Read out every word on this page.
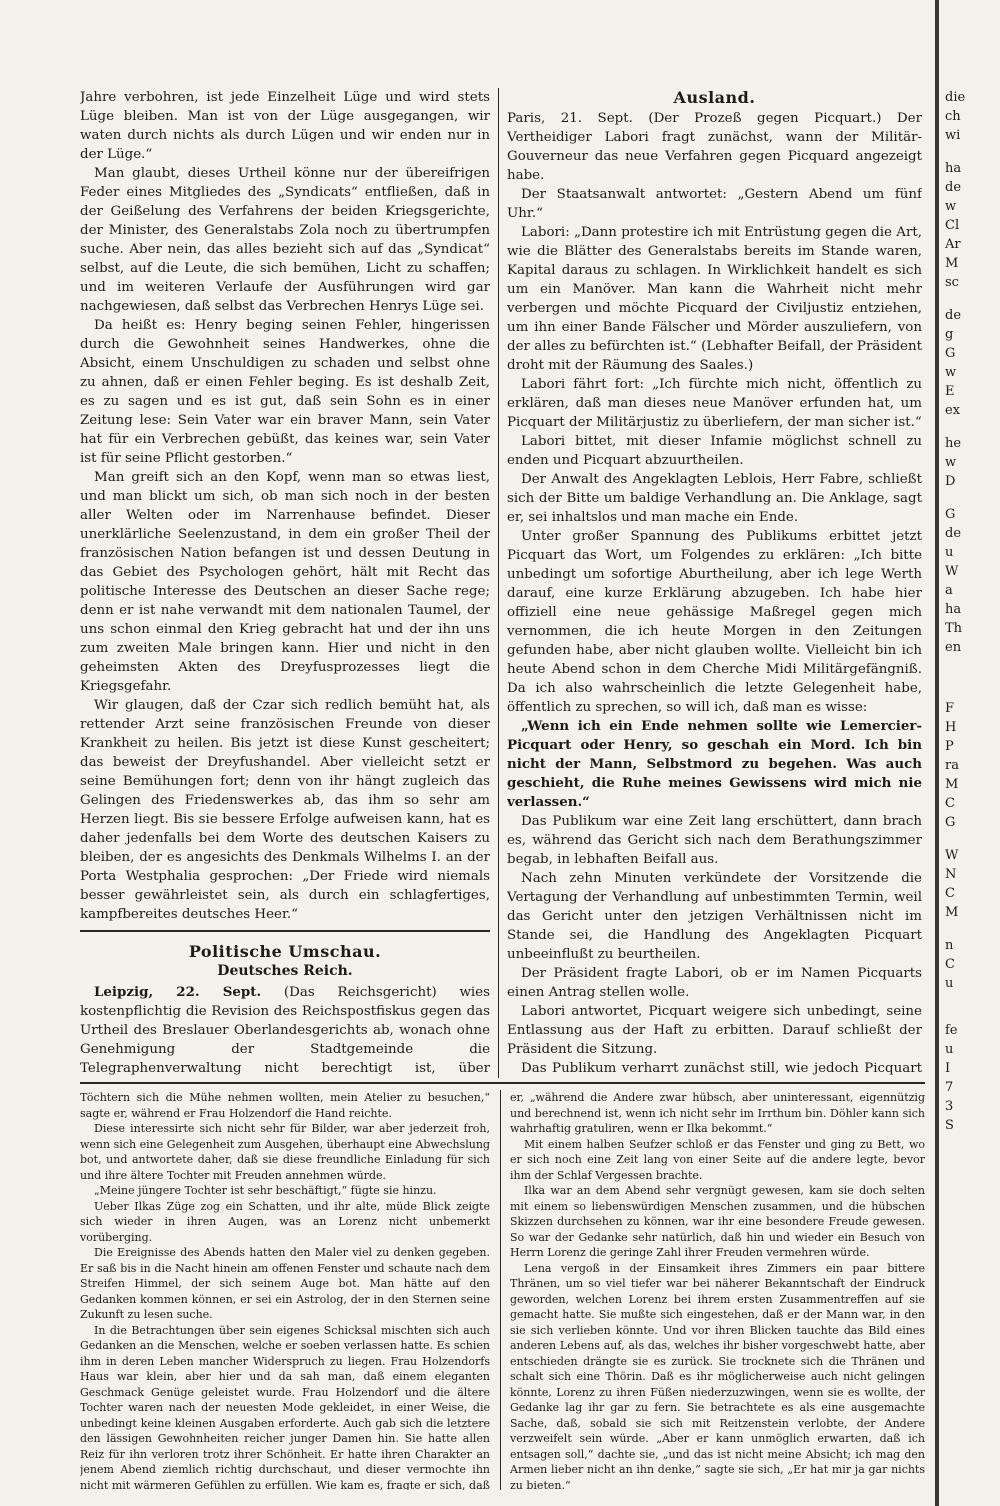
Jahre verbohren, ist jede Einzelheit Lüge und wird stets Lüge bleiben. Man ist von der Lüge ausgegangen, wir waten durch nichts als durch Lügen und wir enden nur in der Lüge.“

Man glaubt, dieses Urtheil könne nur der übereifrigen Feder eines Mitgliedes des „Syndicats“ entfließen, daß in der Geißelung des Verfahrens der beiden Kriegsgerichte, der Minister, des Generalstabs Zola noch zu übertrumpfen suche. Aber nein, das alles bezieht sich auf das „Syndicat“ selbst, auf die Leute, die sich bemühen, Licht zu schaffen; und im weiteren Verlaufe der Ausführungen wird gar nachgewiesen, daß selbst das Verbrechen Henrys Lüge sei.

Da heißt es: Henry beging seinen Fehler, hingerissen durch die Gewohnheit seines Handwerkes, ohne die Absicht, einem Unschuldigen zu schaden und selbst ohne zu ahnen, daß er einen Fehler beging. Es ist deshalb Zeit, es zu sagen und es ist gut, daß sein Sohn es in einer Zeitung lese: Sein Vater war ein braver Mann, sein Vater hat für ein Verbrechen gebüßt, das keines war, sein Vater ist für seine Pflicht gestorben.“

Man greift sich an den Kopf, wenn man so etwas liest, und man blickt um sich, ob man sich noch in der besten aller Welten oder im Narrenhause befindet. Dieser unerklärliche Seelenzustand, in dem ein großer Theil der französischen Nation befangen ist und dessen Deutung in das Gebiet des Psychologen gehört, hält mit Recht das politische Interesse des Deutschen an dieser Sache rege; denn er ist nahe verwandt mit dem nationalen Taumel, der uns schon einmal den Krieg gebracht hat und der ihn uns zum zweiten Male bringen kann. Hier und nicht in den geheimsten Akten des Dreyfusprozesses liegt die Kriegsgefahr.

Wir glaugen, daß der Czar sich redlich bemüht hat, als rettender Arzt seine französischen Freunde von dieser Krankheit zu heilen. Bis jetzt ist diese Kunst gescheitert; das beweist der Dreyfushandel. Aber vielleicht setzt er seine Bemühungen fort; denn von ihr hängt zugleich das Gelingen des Friedenswerkes ab, das ihm so sehr am Herzen liegt. Bis sie bessere Erfolge aufweisen kann, hat es daher jedenfalls bei dem Worte des deutschen Kaisers zu bleiben, der es angesichts des Denkmals Wilhelms I. an der Porta Westphalia gesprochen: „Der Friede wird niemals besser gewährleistet sein, als durch ein schlagfertiges, kampfbereites deutsches Heer.“

Politische Umschau.
Deutsches Reich.

Leipzig, 22. Sept. (Das Reichsgericht) wies kostenpflichtig die Revision des Reichspostfiskus gegen das Urtheil des Breslauer Oberlandesgerichts ab, wonach ohne Genehmigung der Stadtgemeinde die Telegraphenverwaltung nicht berechtigt ist, über

Ausland.

Paris, 21. Sept. (Der Prozeß gegen Picquart.) Der Vertheidiger Labori fragt zunächst, wann der Militär-Gouverneur das neue Verfahren gegen Picquard angezeigt habe.

Der Staatsanwalt antwortet: „Gestern Abend um fünf Uhr.“

Labori: „Dann protestire ich mit Entrüstung gegen die Art, wie die Blätter des Generalstabs bereits im Stande waren, Kapital daraus zu schlagen. In Wirklichkeit handelt es sich um ein Manöver. Man kann die Wahrheit nicht mehr verbergen und möchte Picquard der Civiljustiz entziehen, um ihn einer Bande Fälscher und Mörder auszuliefern, von der alles zu befürchten ist.“ (Lebhafter Beifall, der Präsident droht mit der Räumung des Saales.)

Labori fährt fort: „Ich fürchte mich nicht, öffentlich zu erklären, daß man dieses neue Manöver erfunden hat, um Picquart der Militärjustiz zu überliefern, der man sicher ist.“

Labori bittet, mit dieser Infamie möglichst schnell zu enden und Picquart abzuurtheilen.

Der Anwalt des Angeklagten Leblois, Herr Fabre, schließt sich der Bitte um baldige Verhandlung an. Die Anklage, sagt er, sei inhaltslos und man mache ein Ende.

Unter großer Spannung des Publikums erbittet jetzt Picquart das Wort, um Folgendes zu erklären: „Ich bitte unbedingt um sofortige Aburtheilung, aber ich lege Werth darauf, eine kurze Erklärung abzugeben. Ich habe hier offiziell eine neue gehässige Maßregel gegen mich vernommen, die ich heute Morgen in den Zeitungen gefunden habe, aber nicht glauben wollte. Vielleicht bin ich heute Abend schon in dem Cherche Midi Militärgefängniß. Da ich also wahrscheinlich die letzte Gelegenheit habe, öffentlich zu sprechen, so will ich, daß man es wisse:

„Wenn ich ein Ende nehmen sollte wie Lemercier-Picquart oder Henry, so geschah ein Mord. Ich bin nicht der Mann, Selbstmord zu begehen. Was auch geschieht, die Ruhe meines Gewissens wird mich nie verlassen.“

Das Publikum war eine Zeit lang erschüttert, dann brach es, während das Gericht sich nach dem Berathungszimmer begab, in lebhaften Beifall aus.

Nach zehn Minuten verkündete der Vorsitzende die Vertagung der Verhandlung auf unbestimmten Termin, weil das Gericht unter den jetzigen Verhältnissen nicht im Stande sei, die Handlung des Angeklagten Picquart unbeeinflußt zu beurtheilen.

Der Präsident fragte Labori, ob er im Namen Picquarts einen Antrag stellen wolle.

Labori antwortet, Picquart weigere sich unbedingt, seine Entlassung aus der Haft zu erbitten. Darauf schließt der Präsident die Sitzung.

Das Publikum verharrt zunächst still, wie jedoch Picquart

Töchtern sich die Mühe nehmen wollten, mein Atelier zu besuchen,“ sagte er, während er Frau Holzendorf die Hand reichte.

Diese interessirte sich nicht sehr für Bilder, war aber jederzeit froh, wenn sich eine Gelegenheit zum Ausgehen, überhaupt eine Abwechslung bot, und antwortete daher, daß sie diese freundliche Einladung für sich und ihre ältere Tochter mit Freuden annehmen würde.

„Meine jüngere Tochter ist sehr beschäftigt,“ fügte sie hinzu.

Ueber Ilkas Züge zog ein Schatten, und ihr alte, müde Blick zeigte sich wieder in ihren Augen, was an Lorenz nicht unbemerkt vorüberging.

Die Ereignisse des Abends hatten den Maler viel zu denken gegeben. Er saß bis in die Nacht hinein am offenen Fenster und schaute nach dem Streifen Himmel, der sich seinem Auge bot. Man hätte auf den Gedanken kommen können, er sei ein Astrolog, der in den Sternen seine Zukunft zu lesen suche.

In die Betrachtungen über sein eigenes Schicksal mischten sich auch Gedanken an die Menschen, welche er soeben verlassen hatte. Es schien ihm in deren Leben mancher Widerspruch zu liegen. Frau Holzendorfs Haus war klein, aber hier und da sah man, daß einem eleganten Geschmack Genüge geleistet wurde. Frau Holzendorf und die ältere Tochter waren nach der neuesten Mode gekleidet, in einer Weise, die unbedingt keine kleinen Ausgaben erforderte. Auch gab sich die letztere den lässigen Gewohnheiten reicher junger Damen hin. Sie hatte allen Reiz für ihn verloren trotz ihrer Schönheit. Er hatte ihren Charakter an jenem Abend ziemlich richtig durchschaut, und dieser vermochte ihn nicht mit wärmeren Gefühlen zu erfüllen. Wie kam es, fragte er sich, daß

er, „während die Andere zwar hübsch, aber uninteressant, eigennützig und berechnend ist, wenn ich nicht sehr im Irrthum bin. Döhler kann sich wahrhaftig gratuliren, wenn er Ilka bekommt.“

Mit einem halben Seufzer schloß er das Fenster und ging zu Bett, wo er sich noch eine Zeit lang von einer Seite auf die andere legte, bevor ihm der Schlaf Vergessen brachte.

Ilka war an dem Abend sehr vergnügt gewesen, kam sie doch selten mit einem so liebenswürdigen Menschen zusammen, und die hübschen Skizzen durchsehen zu können, war ihr eine besondere Freude gewesen. So war der Gedanke sehr natürlich, daß hin und wieder ein Besuch von Herrn Lorenz die geringe Zahl ihrer Freuden vermehren würde.

Lena vergoß in der Einsamkeit ihres Zimmers ein paar bittere Thränen, um so viel tiefer war bei näherer Bekanntschaft der Eindruck geworden, welchen Lorenz bei ihrem ersten Zusammentreffen auf sie gemacht hatte. Sie mußte sich eingestehen, daß er der Mann war, in den sie sich verlieben könnte. Und vor ihren Blicken tauchte das Bild eines anderen Lebens auf, als das, welches ihr bisher vorgeschwebt hatte, aber entschieden drängte sie es zurück. Sie trocknete sich die Thränen und schalt sich eine Thörin. Daß es ihr möglicherweise auch nicht gelingen könnte, Lorenz zu ihren Füßen niederzuzwingen, wenn sie es wollte, der Gedanke lag ihr gar zu fern. Sie betrachtete es als eine ausgemachte Sache, daß, sobald sie sich mit Reitzenstein verlobte, der Andere verzweifelt sein würde. „Aber er kann unmöglich erwarten, daß ich entsagen soll,“ dachte sie, „und das ist nicht meine Absicht; ich mag den Armen lieber nicht an ihn denke,“ sagte sie sich, „Er hat mir ja gar nichts zu bieten.“

die
ch
wi
ha
de
w
Cl
Ar
M
sc
de
g
G
w
E
ex
he
w
D
G
de
u
W
a
ha
Th
en
F
H
P
ra
M
C
G
W
N
C
M
n
C
u
fe
u
I
7
3
S
